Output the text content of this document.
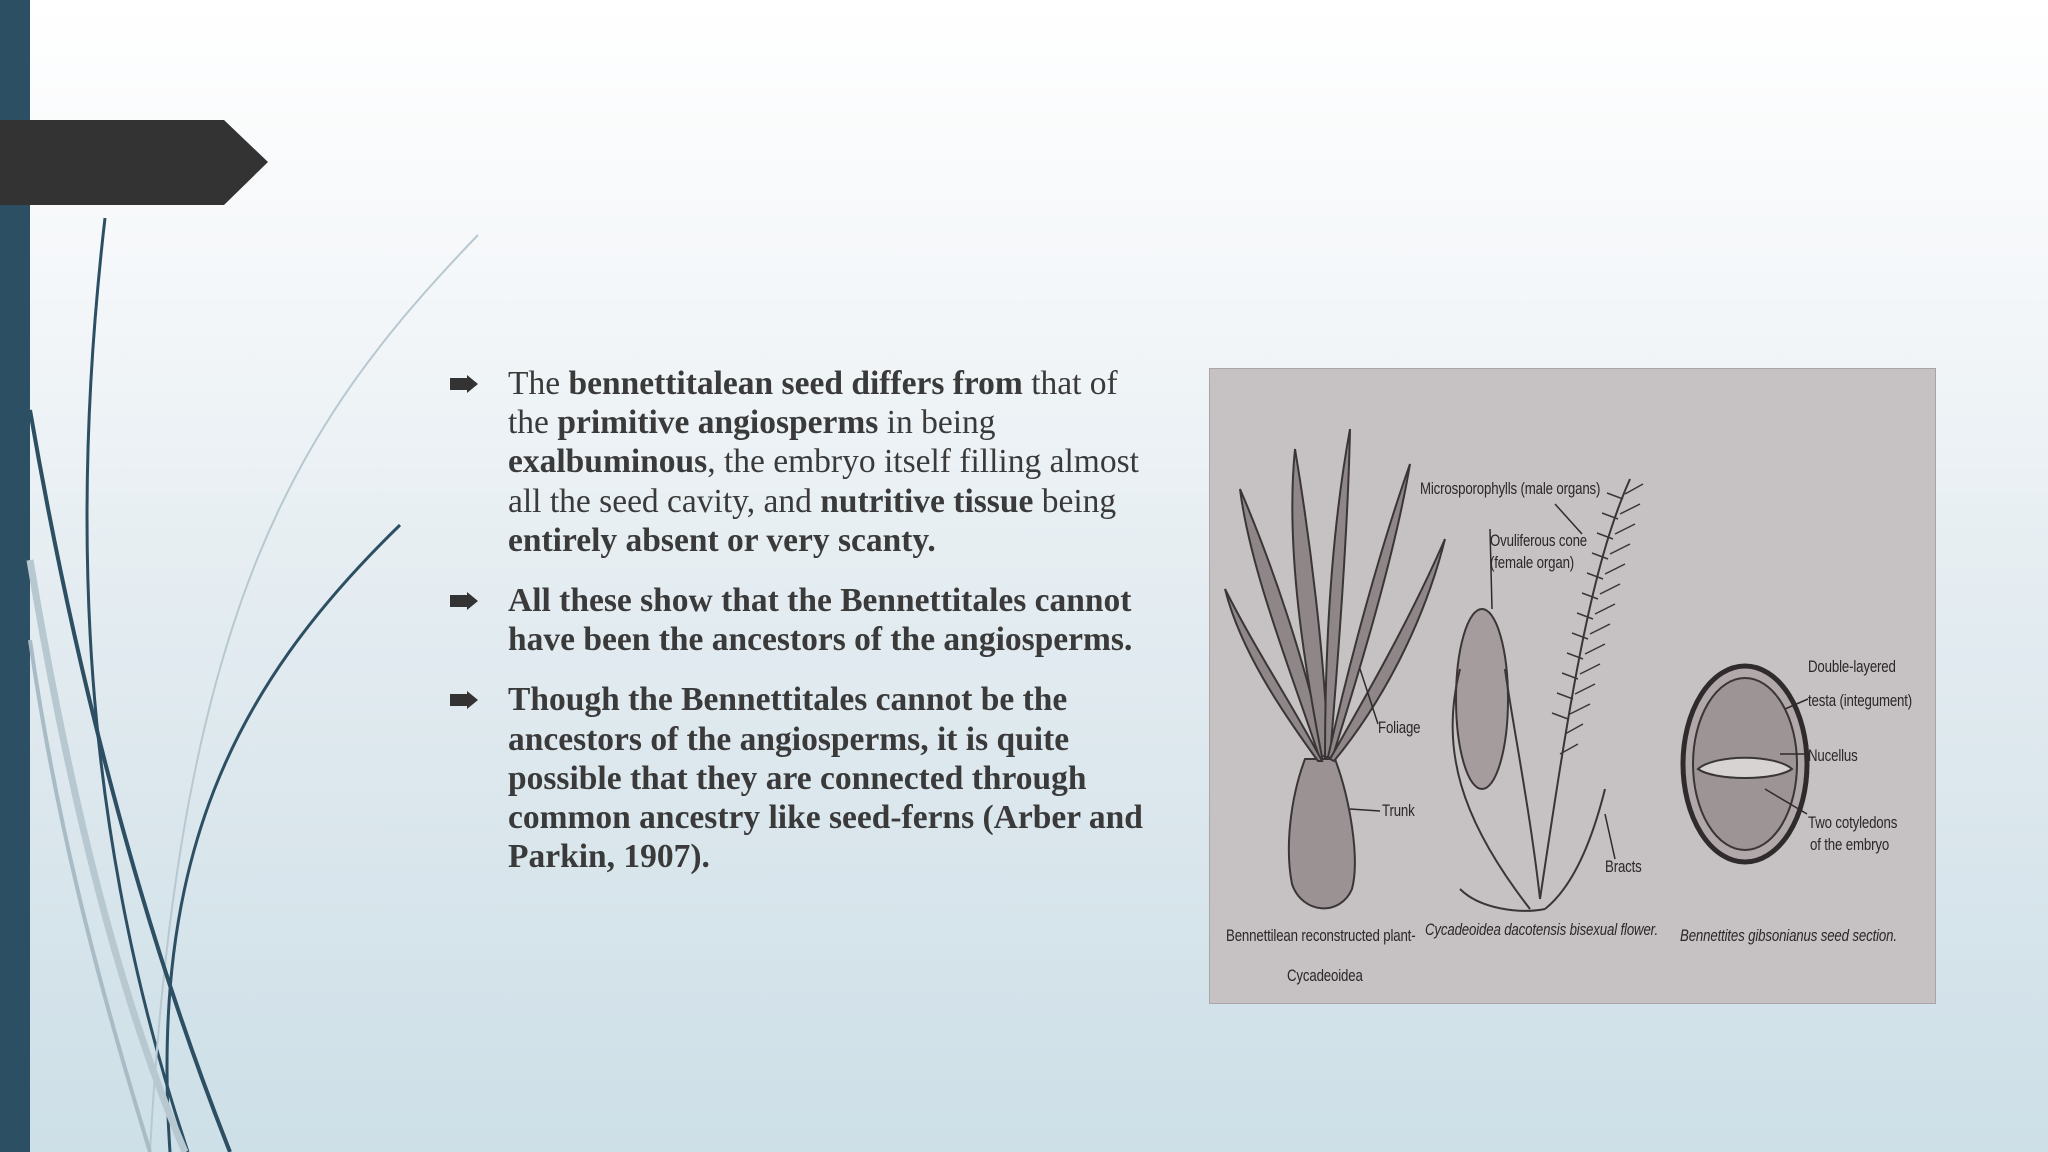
The bennettitalean seed differs from that of the primitive angiosperms in being exalbuminous, the embryo itself filling almost all the seed cavity, and nutritive tissue being entirely absent or very scanty.
All these show that the Bennettitales cannot have been the ancestors of the angiosperms.
Though the Bennettitales cannot be the ancestors of the angiosperms, it is quite possible that they are connected through common ancestry like seed-ferns (Arber and Parkin, 1907).
Microsporophylls (male organs)
Ovuliferous cone
(female organ)
Foliage
Trunk
Bracts
Double-layered
testa (integument)
Nucellus
Two cotyledons
of the embryo
Bennettilean reconstructed plant-
Cycadeoidea
Cycadeoidea dacotensis bisexual flower. Bennettites gibsonianus seed section.
